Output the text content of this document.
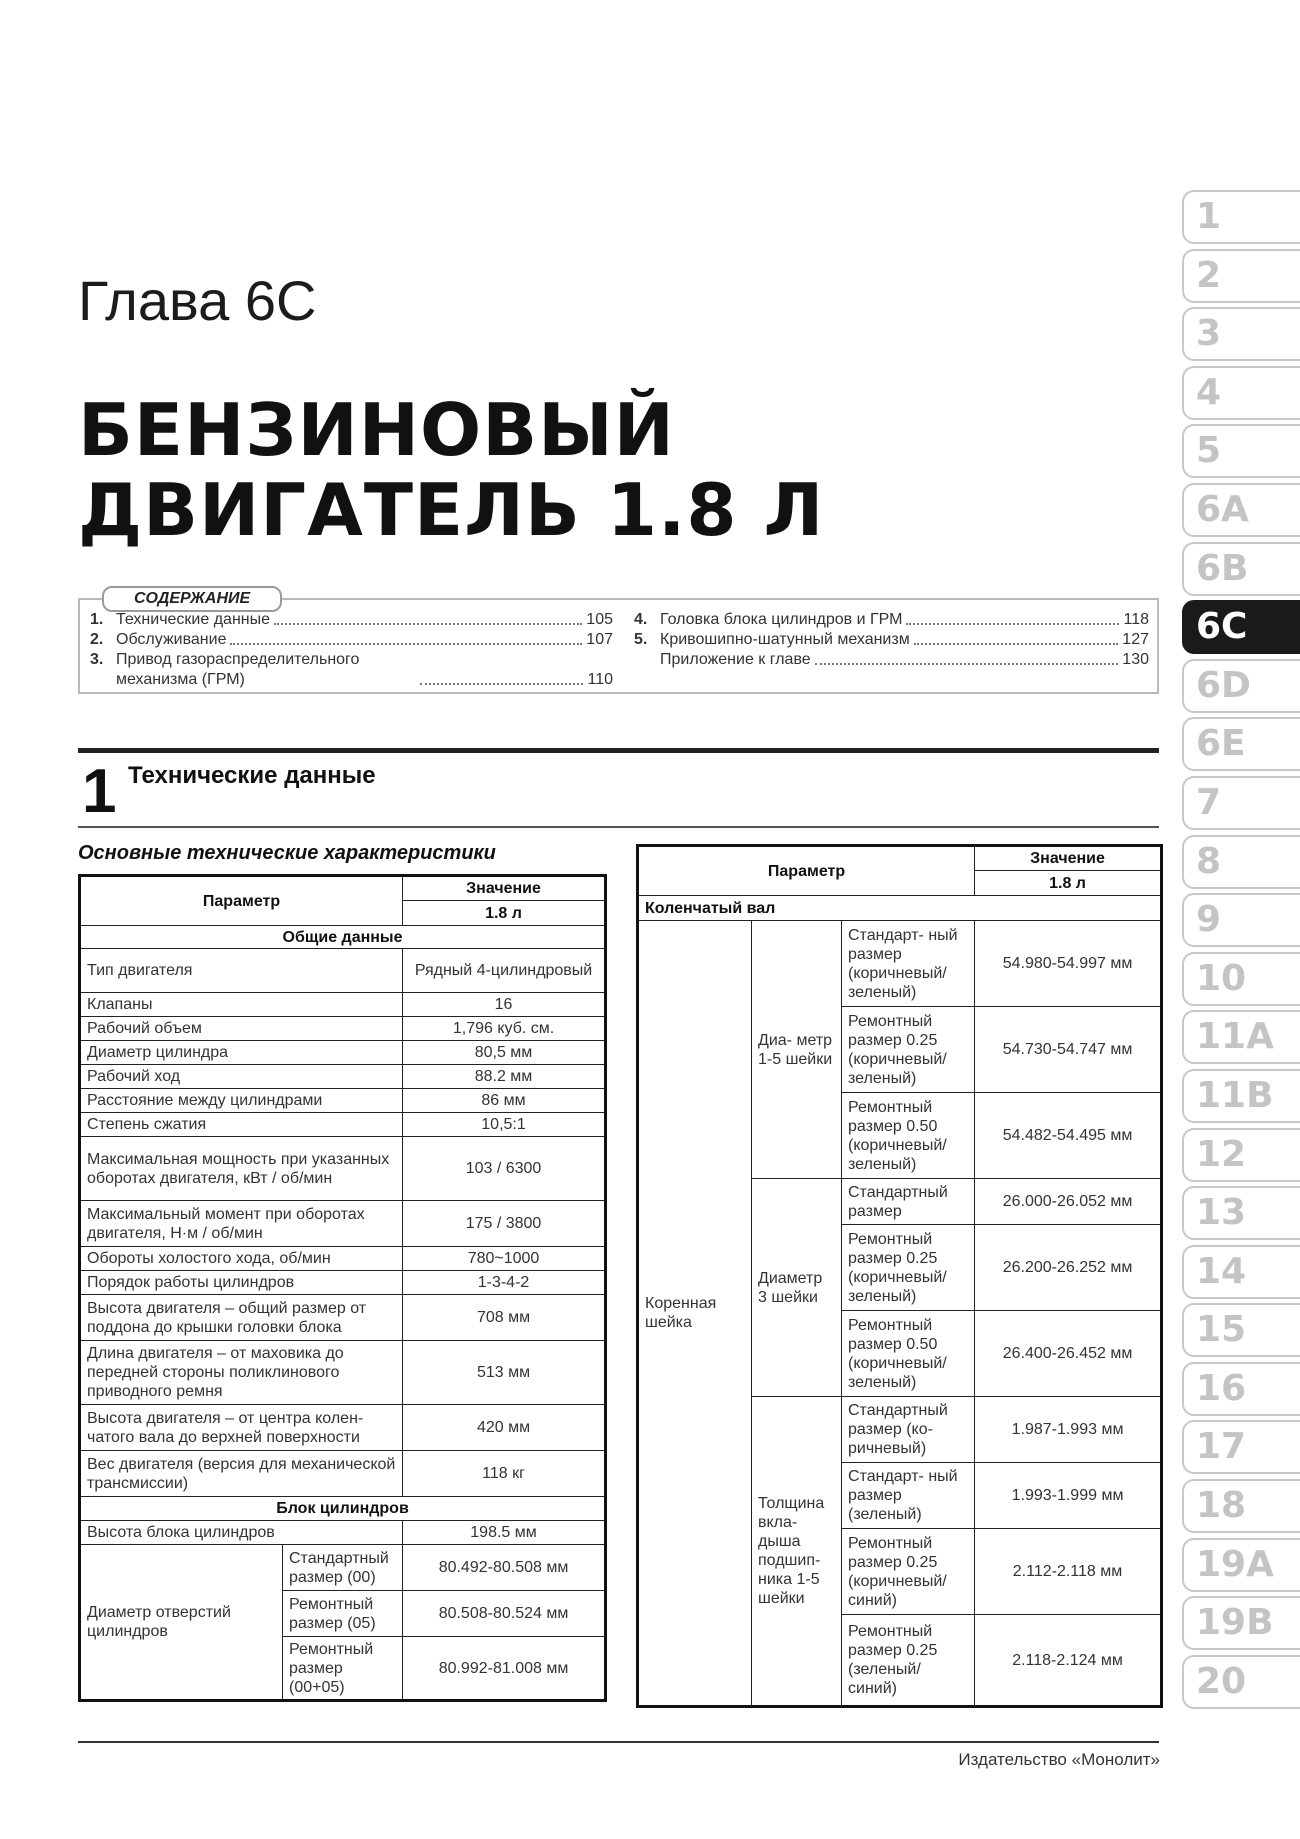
Глава 6С
БЕНЗИНОВЫЙ
ДВИГАТЕЛЬ 1.8 Л
СОДЕРЖАНИЕ
1. Технические данные	105
2. Обслуживание	107
3. Привод газораспределительного механизма (ГРМ)	110
4. Головка блока цилиндров и ГРМ	118
5. Кривошипно-шатунный механизм	127
Приложение к главе	130
1 Технические данные
Основные технические характеристики
Параметр		Значение
		1.8 л
Общие данные		
Тип двигателя		Рядный 4-цилиндровый
Клапаны		16
Рабочий объем		1,796 куб. см.
Диаметр цилиндра		80,5 мм
Рабочий ход		88.2 мм
Расстояние между цилиндрами		86 мм
Степень сжатия		10,5:1
Максимальная мощность при указанных оборотах двигателя, кВт / об/мин		103 / 6300
Максимальный момент при оборотах двигателя, Н·м / об/мин		175 / 3800
Обороты холостого хода, об/мин		780~1000
Порядок работы цилиндров		1-3-4-2
Высота двигателя – общий размер от поддона до крышки головки блока		708 мм
Длина двигателя – от маховика до передней стороны поликлинового приводного ремня		513 мм
Высота двигателя – от центра колен- чатого вала до верхней поверхности		420 мм
Вес двигателя (версия для механической трансмиссии)		118 кг
Блок цилиндров		
Высота блока цилиндров		198.5 мм
Диаметр отверстий цилиндров	Стандартный размер (00)	80.492-80.508 мм
	Ремонтный размер (05)	80.508-80.524 мм
	Ремонтный размер (00+05)	80.992-81.008 мм
Параметр			Значение
			1.8 л
Коленчатый вал			
Коренная шейка	Диа- метр 1-5 шейки	Стандарт- ный размер (коричневый/ зеленый)	54.980-54.997 мм
		Ремонтный размер 0.25 (коричневый/ зеленый)	54.730-54.747 мм
		Ремонтный размер 0.50 (коричневый/ зеленый)	54.482-54.495 мм
	Диаметр 3 шейки	Стандартный размер	26.000-26.052 мм
		Ремонтный размер 0.25 (коричневый/ зеленый)	26.200-26.252 мм
		Ремонтный размер 0.50 (коричневый/ зеленый)	26.400-26.452 мм
	Толщина вкла- дыша подшип- ника 1-5 шейки	Стандартный размер (ко- ричневый)	1.987-1.993 мм
		Стандарт- ный размер (зеленый)	1.993-1.999 мм
		Ремонтный размер 0.25 (коричневый/ синий)	2.112-2.118 мм
		Ремонтный размер 0.25 (зеленый/ синий)	2.118-2.124 мм
1
2
3
4
5
6A
6B
6C
6D
6E
7
8
9
10
11A
11B
12
13
14
15
16
17
18
19A
19B
20
Издательство «Монолит»
